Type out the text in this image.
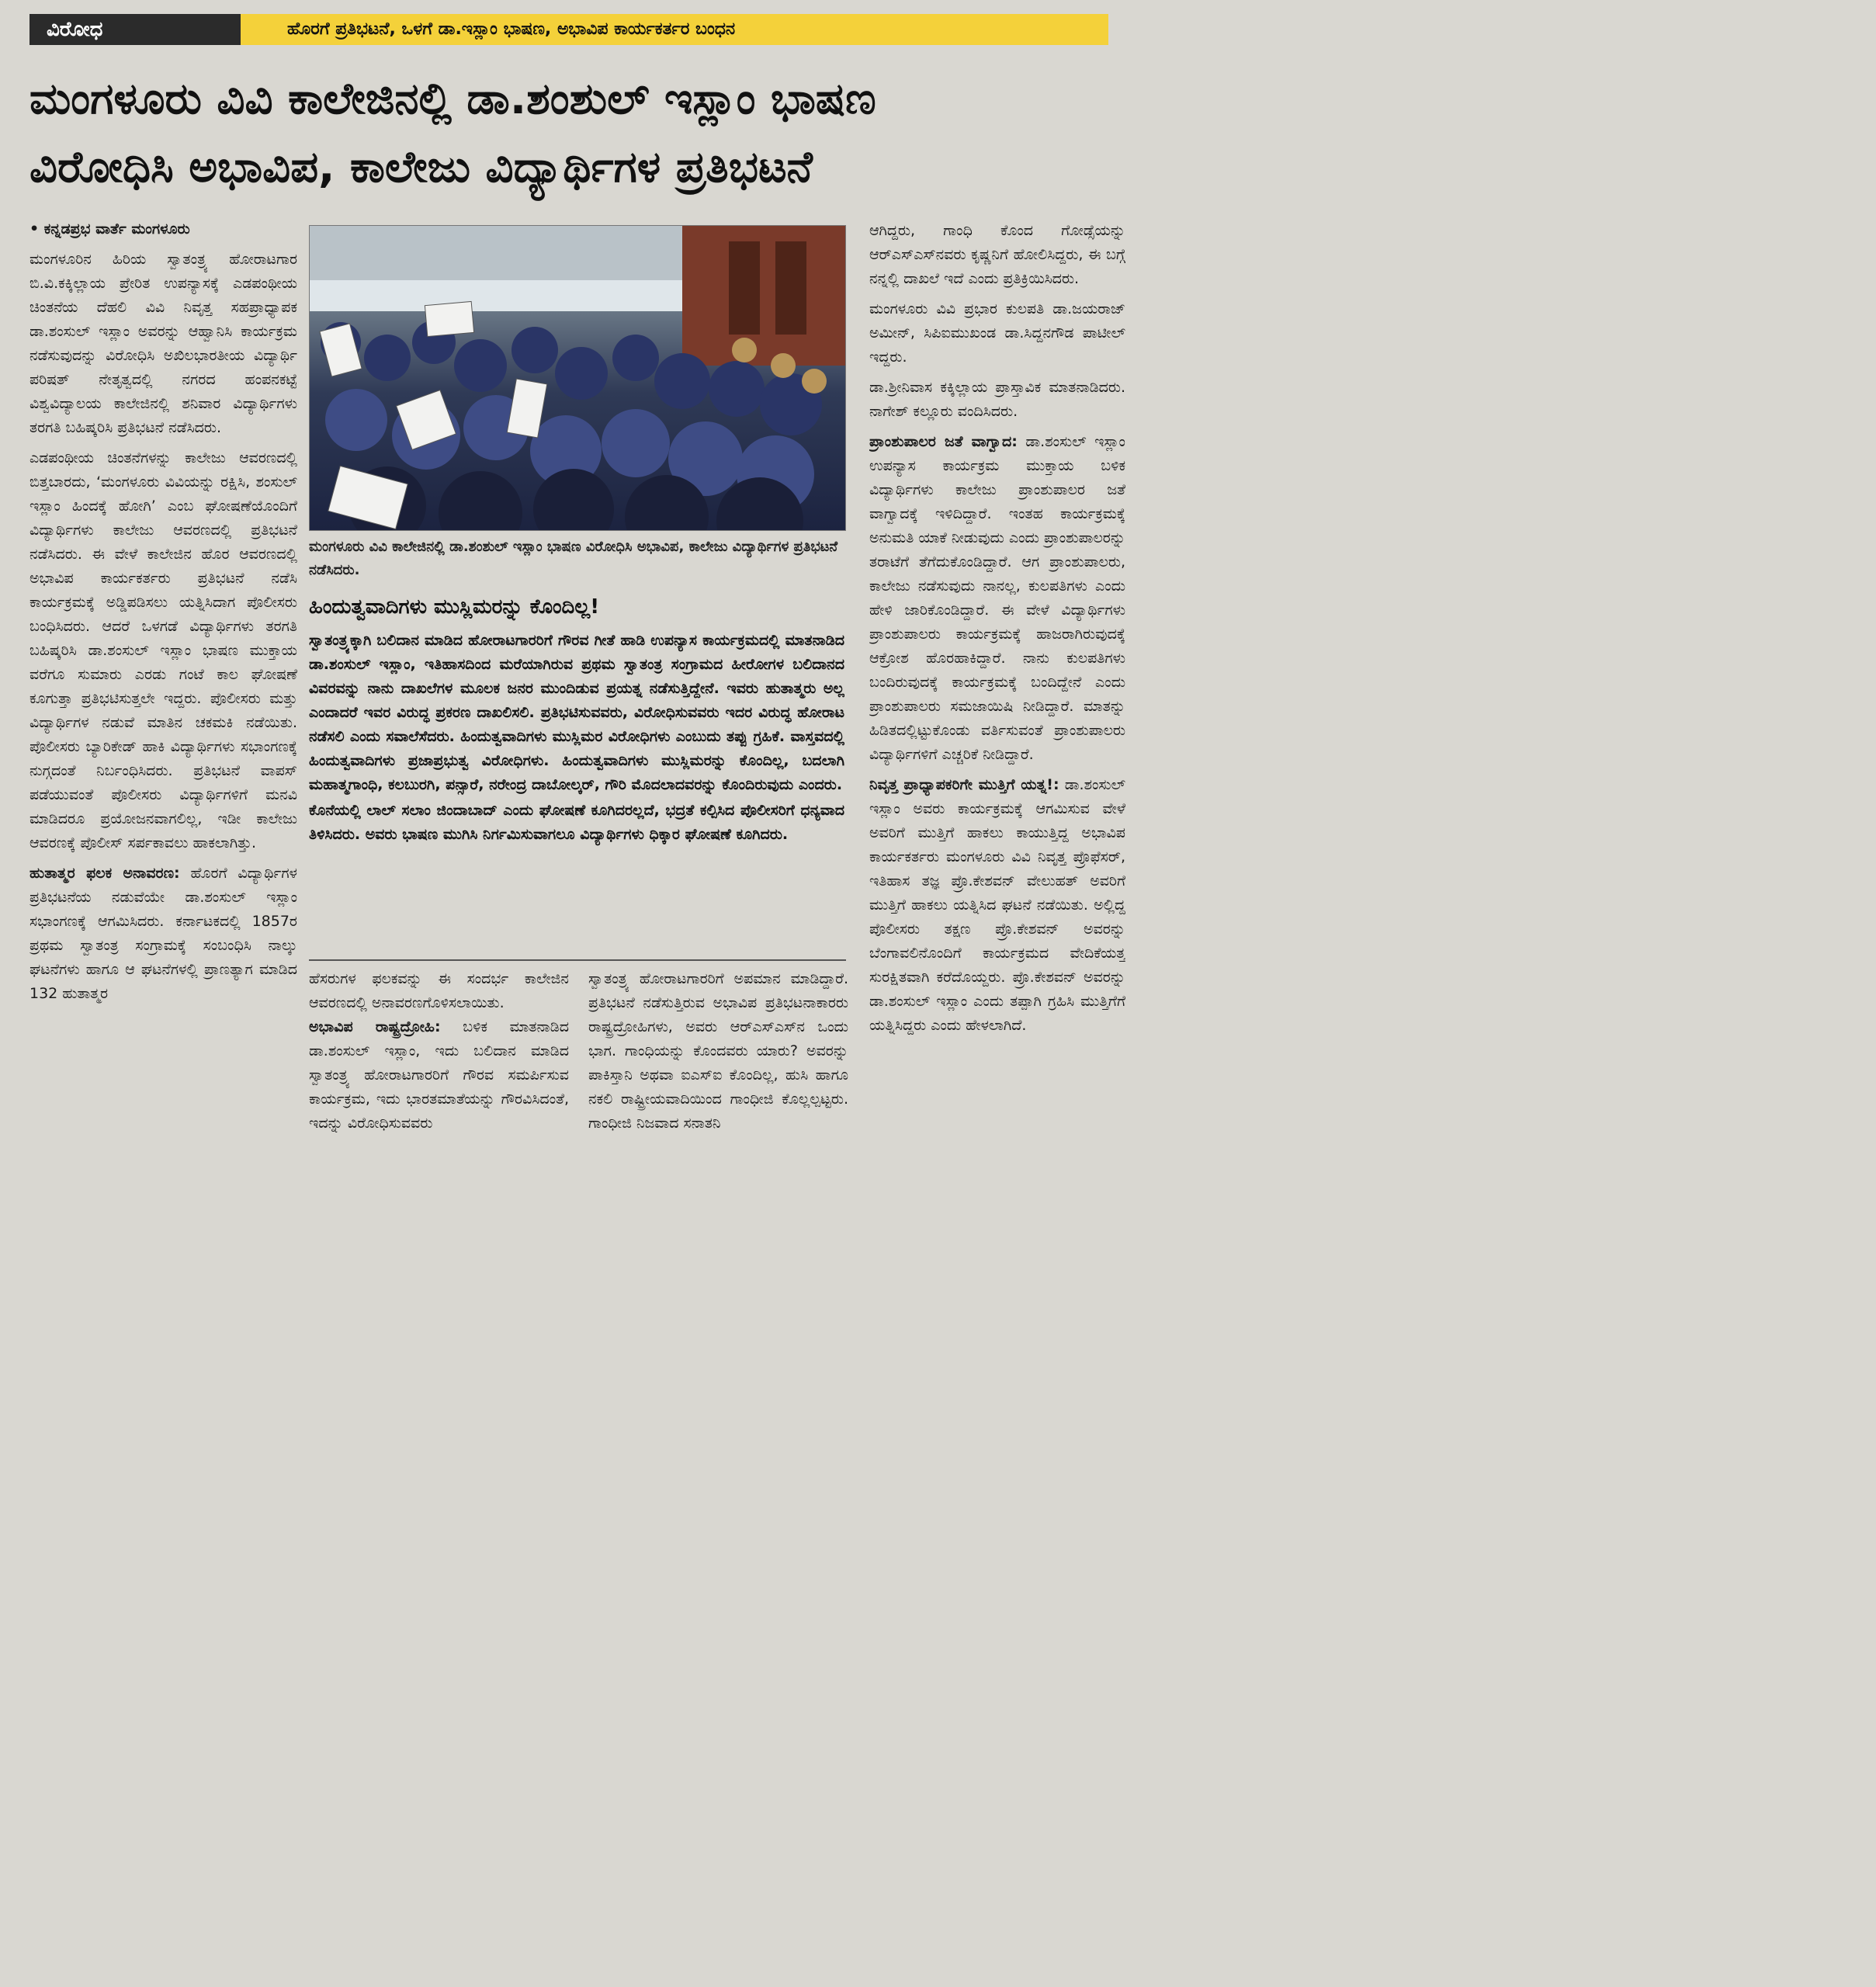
ವಿರೋಧ	ಹೊರಗೆ ಪ್ರತಿಭಟನೆ, ಒಳಗೆ ಡಾ.ಇಸ್ಲಾಂ ಭಾಷಣ, ಅಭಾವಿಪ ಕಾರ್ಯಕರ್ತರ ಬಂಧನ
ಮಂಗಳೂರು ವಿವಿ ಕಾಲೇಜಿನಲ್ಲಿ ಡಾ.ಶಂಶುಲ್ ಇಸ್ಲಾಂ ಭಾಷಣ
ವಿರೋಧಿಸಿ ಅಭಾವಿಪ, ಕಾಲೇಜು ವಿದ್ಯಾರ್ಥಿಗಳ ಪ್ರತಿಭಟನೆ

• ಕನ್ನಡಪ್ರಭ ವಾರ್ತೆ ಮಂಗಳೂರು

ಮಂಗಳೂರಿನ ಹಿರಿಯ ಸ್ವಾತಂತ್ರ್ಯ ಹೋರಾಟಗಾರ ಬಿ.ವಿ.ಕಕ್ಕಿಲ್ಲಾಯ ಪ್ರೇರಿತ ಉಪನ್ಯಾಸಕ್ಕೆ ಎಡಪಂಥೀಯ ಚಿಂತನೆಯ ದೆಹಲಿ ವಿವಿ ನಿವೃತ್ತ ಸಹಪ್ರಾಧ್ಯಾಪಕ ಡಾ.ಶಂಸುಲ್ ಇಸ್ಲಾಂ ಅವರನ್ನು ಆಹ್ವಾನಿಸಿ ಕಾರ್ಯಕ್ರಮ ನಡೆಸುವುದನ್ನು ವಿರೋಧಿಸಿ ಅಖಿಲಭಾರತೀಯ ವಿದ್ಯಾರ್ಥಿ ಪರಿಷತ್ ನೇತೃತ್ವದಲ್ಲಿ ನಗರದ ಹಂಪನಕಟ್ಟೆ ವಿಶ್ವವಿದ್ಯಾಲಯ ಕಾಲೇಜಿನಲ್ಲಿ ಶನಿವಾರ ವಿದ್ಯಾರ್ಥಿಗಳು ತರಗತಿ ಬಹಿಷ್ಕರಿಸಿ ಪ್ರತಿಭಟನೆ ನಡೆಸಿದರು.

ಎಡಪಂಥೀಯ ಚಿಂತನೆಗಳನ್ನು ಕಾಲೇಜು ಆವರಣದಲ್ಲಿ ಬಿತ್ತಬಾರದು, ‘ಮಂಗಳೂರು ವಿವಿಯನ್ನು ರಕ್ಷಿಸಿ, ಶಂಸುಲ್ ಇಸ್ಲಾಂ ಹಿಂದಕ್ಕೆ ಹೋಗಿ’ ಎಂಬ ಘೋಷಣೆಯೊಂದಿಗೆ ವಿದ್ಯಾರ್ಥಿಗಳು ಕಾಲೇಜು ಆವರಣದಲ್ಲಿ ಪ್ರತಿಭಟನೆ ನಡೆಸಿದರು. ಈ ವೇಳೆ ಕಾಲೇಜಿನ ಹೊರ ಆವರಣದಲ್ಲಿ ಅಭಾವಿಪ ಕಾರ್ಯಕರ್ತರು ಪ್ರತಿಭಟನೆ ನಡೆಸಿ ಕಾರ್ಯಕ್ರಮಕ್ಕೆ ಅಡ್ಡಿಪಡಿಸಲು ಯತ್ನಿಸಿದಾಗ ಪೊಲೀಸರು ಬಂಧಿಸಿದರು. ಆದರೆ ಒಳಗಡೆ ವಿದ್ಯಾರ್ಥಿಗಳು ತರಗತಿ ಬಹಿಷ್ಕರಿಸಿ ಡಾ.ಶಂಸುಲ್ ಇಸ್ಲಾಂ ಭಾಷಣ ಮುಕ್ತಾಯ ವರೆಗೂ ಸುಮಾರು ಎರಡು ಗಂಟೆ ಕಾಲ ಘೋಷಣೆ ಕೂಗುತ್ತಾ ಪ್ರತಿಭಟಿಸುತ್ತಲೇ ಇದ್ದರು. ಪೊಲೀಸರು ಮತ್ತು ವಿದ್ಯಾರ್ಥಿಗಳ ನಡುವೆ ಮಾತಿನ ಚಕಮಕಿ ನಡೆಯಿತು. ಪೊಲೀಸರು ಬ್ಯಾರಿಕೇಡ್ ಹಾಕಿ ವಿದ್ಯಾರ್ಥಿಗಳು ಸಭಾಂಗಣಕ್ಕೆ ನುಗ್ಗದಂತೆ ನಿರ್ಬಂಧಿಸಿದರು. ಪ್ರತಿಭಟನೆ ವಾಪಸ್ ಪಡೆಯುವಂತೆ ಪೊಲೀಸರು ವಿದ್ಯಾರ್ಥಿಗಳಿಗೆ ಮನವಿ ಮಾಡಿದರೂ ಪ್ರಯೋಜನವಾಗಲಿಲ್ಲ, ಇಡೀ ಕಾಲೇಜು ಆವರಣಕ್ಕೆ ಪೊಲೀಸ್ ಸರ್ಪಕಾವಲು ಹಾಕಲಾಗಿತ್ತು.

ಹುತಾತ್ಮರ ಫಲಕ ಅನಾವರಣ: ಹೊರಗೆ ವಿದ್ಯಾರ್ಥಿಗಳ ಪ್ರತಿಭಟನೆಯ ನಡುವೆಯೇ ಡಾ.ಶಂಸುಲ್ ಇಸ್ಲಾಂ ಸಭಾಂಗಣಕ್ಕೆ ಆಗಮಿಸಿದರು. ಕರ್ನಾಟಕದಲ್ಲಿ 1857ರ ಪ್ರಥಮ ಸ್ವಾತಂತ್ರ ಸಂಗ್ರಾಮಕ್ಕೆ ಸಂಬಂಧಿಸಿ ನಾಲ್ಕು ಘಟನೆಗಳು ಹಾಗೂ ಆ ಘಟನೆಗಳಲ್ಲಿ ಪ್ರಾಣತ್ಯಾಗ ಮಾಡಿದ 132 ಹುತಾತ್ಮರ

ಮಂಗಳೂರು ವಿವಿ ಕಾಲೇಜಿನಲ್ಲಿ ಡಾ.ಶಂಶುಲ್ ಇಸ್ಲಾಂ ಭಾಷಣ ವಿರೋಧಿಸಿ ಅಭಾವಿಪ, ಕಾಲೇಜು ವಿದ್ಯಾರ್ಥಿಗಳ ಪ್ರತಿಭಟನೆ ನಡೆಸಿದರು.
ಹಿಂದುತ್ವವಾದಿಗಳು ಮುಸ್ಲಿಮರನ್ನು ಕೊಂದಿಲ್ಲ!

ಸ್ವಾತಂತ್ರ್ಯಕ್ಕಾಗಿ ಬಲಿದಾನ ಮಾಡಿದ ಹೋರಾಟಗಾರರಿಗೆ ಗೌರವ ಗೀತೆ ಹಾಡಿ ಉಪನ್ಯಾಸ ಕಾರ್ಯಕ್ರಮದಲ್ಲಿ ಮಾತನಾಡಿದ ಡಾ.ಶಂಸುಲ್ ಇಸ್ಲಾಂ, ಇತಿಹಾಸದಿಂದ ಮರೆಯಾಗಿರುವ ಪ್ರಥಮ ಸ್ವಾತಂತ್ರ ಸಂಗ್ರಾಮದ ಹೀರೋಗಳ ಬಲಿದಾನದ ವಿವರವನ್ನು ನಾನು ದಾಖಲೆಗಳ ಮೂಲಕ ಜನರ ಮುಂದಿಡುವ ಪ್ರಯತ್ನ ನಡೆಸುತ್ತಿದ್ದೇನೆ. ಇವರು ಹುತಾತ್ಮರು ಅಲ್ಲ ಎಂದಾದರೆ ಇವರ ವಿರುದ್ಧ ಪ್ರಕರಣ ದಾಖಲಿಸಲಿ. ಪ್ರತಿಭಟಿಸುವವರು, ವಿರೋಧಿಸುವವರು ಇದರ ವಿರುದ್ಧ ಹೋರಾಟ ನಡೆಸಲಿ ಎಂದು ಸವಾಲೆಸೆದರು. ಹಿಂದುತ್ವವಾದಿಗಳು ಮುಸ್ಲಿಮರ ವಿರೋಧಿಗಳು ಎಂಬುದು ತಪ್ಪು ಗ್ರಹಿಕೆ. ವಾಸ್ತವದಲ್ಲಿ ಹಿಂದುತ್ವವಾದಿಗಳು ಪ್ರಜಾಪ್ರಭುತ್ವ ವಿರೋಧಿಗಳು. ಹಿಂದುತ್ವವಾದಿಗಳು ಮುಸ್ಲಿಮರನ್ನು ಕೊಂದಿಲ್ಲ, ಬದಲಾಗಿ ಮಹಾತ್ಮಗಾಂಧಿ, ಕಲಬುರಗಿ, ಪನ್ಸಾರೆ, ನರೇಂದ್ರ ದಾಬೋಲ್ಕರ್, ಗೌರಿ ಮೊದಲಾದವರನ್ನು ಕೊಂದಿರುವುದು ಎಂದರು.

ಕೊನೆಯಲ್ಲಿ ಲಾಲ್ ಸಲಾಂ ಜಿಂದಾಬಾದ್ ಎಂದು ಘೋಷಣೆ ಕೂಗಿದರಲ್ಲದೆ, ಭದ್ರತೆ ಕಲ್ಪಿಸಿದ ಪೊಲೀಸರಿಗೆ ಧನ್ಯವಾದ ತಿಳಿಸಿದರು. ಅವರು ಭಾಷಣ ಮುಗಿಸಿ ನಿರ್ಗಮಿಸುವಾಗಲೂ ವಿದ್ಯಾರ್ಥಿಗಳು ಧಿಕ್ಕಾರ ಘೋಷಣೆ ಕೂಗಿದರು.

ಹೆಸರುಗಳ ಫಲಕವನ್ನು ಈ ಸಂದರ್ಭ ಕಾಲೇಜಿನ ಆವರಣದಲ್ಲಿ ಅನಾವರಣಗೊಳಿಸಲಾಯಿತು.

ಅಭಾವಿಪ ರಾಷ್ಟ್ರದ್ರೋಹಿ: ಬಳಿಕ ಮಾತನಾಡಿದ ಡಾ.ಶಂಸುಲ್ ಇಸ್ಲಾಂ, ಇದು ಬಲಿದಾನ ಮಾಡಿದ ಸ್ವಾತಂತ್ರ್ಯ ಹೋರಾಟಗಾರರಿಗೆ ಗೌರವ ಸಮರ್ಪಿಸುವ ಕಾರ್ಯಕ್ರಮ, ಇದು ಭಾರತಮಾತೆಯನ್ನು ಗೌರವಿಸಿದಂತೆ, ಇದನ್ನು ವಿರೋಧಿಸುವವರು

ಸ್ವಾತಂತ್ರ್ಯ ಹೋರಾಟಗಾರರಿಗೆ ಅಪಮಾನ ಮಾಡಿದ್ದಾರೆ. ಪ್ರತಿಭಟನೆ ನಡೆಸುತ್ತಿರುವ ಅಭಾವಿಪ ಪ್ರತಿಭಟನಾಕಾರರು ರಾಷ್ಟ್ರದ್ರೋಹಿಗಳು, ಅವರು ಆರ್‌ಎಸ್ಎಸ್‌ನ ಒಂದು ಭಾಗ. ಗಾಂಧಿಯನ್ನು ಕೊಂದವರು ಯಾರು? ಅವರನ್ನು ಪಾಕಿಸ್ತಾನಿ ಅಥವಾ ಐಎಸ್‌ಐ ಕೊಂದಿಲ್ಲ, ಹುಸಿ ಹಾಗೂ ನಕಲಿ ರಾಷ್ಟ್ರೀಯವಾದಿಯಿಂದ ಗಾಂಧೀಜಿ ಕೊಲ್ಲಲ್ಪಟ್ಟರು. ಗಾಂಧೀಜಿ ನಿಜವಾದ ಸನಾತನಿ

ಆಗಿದ್ದರು, ಗಾಂಧಿ ಕೊಂದ ಗೋಡ್ಸೆಯನ್ನು ಆರ್‌ಎಸ್ಎಸ್‌ನವರು ಕೃಷ್ಣನಿಗೆ ಹೋಲಿಸಿದ್ದರು, ಈ ಬಗ್ಗೆ ನನ್ನಲ್ಲಿ ದಾಖಲೆ ಇದೆ ಎಂದು ಪ್ರತಿಕ್ರಿಯಿಸಿದರು.

ಮಂಗಳೂರು ವಿವಿ ಪ್ರಭಾರ ಕುಲಪತಿ ಡಾ.ಜಯರಾಜ್ ಅಮೀನ್, ಸಿಪಿಐಮುಖಂಡ ಡಾ.ಸಿದ್ದನಗೌಡ ಪಾಟೀಲ್ ಇದ್ದರು.

ಡಾ.ಶ್ರೀನಿವಾಸ ಕಕ್ಕಿಲ್ಲಾಯ ಪ್ರಾಸ್ತಾವಿಕ ಮಾತನಾಡಿದರು. ನಾಗೇಶ್ ಕಲ್ಲೂರು ವಂದಿಸಿದರು.

ಪ್ರಾಂಶುಪಾಲರ ಜತೆ ವಾಗ್ವಾದ: ಡಾ.ಶಂಸುಲ್ ಇಸ್ಲಾಂ ಉಪನ್ಯಾಸ ಕಾರ್ಯಕ್ರಮ ಮುಕ್ತಾಯ ಬಳಿಕ ವಿದ್ಯಾರ್ಥಿಗಳು ಕಾಲೇಜು ಪ್ರಾಂಶುಪಾಲರ ಜತೆ ವಾಗ್ವಾದಕ್ಕೆ ಇಳಿದಿದ್ದಾರೆ. ಇಂತಹ ಕಾರ್ಯಕ್ರಮಕ್ಕೆ ಅನುಮತಿ ಯಾಕೆ ನೀಡುವುದು ಎಂದು ಪ್ರಾಂಶುಪಾಲರನ್ನು ತರಾಟೆಗೆ ತೆಗೆದುಕೊಂಡಿದ್ದಾರೆ. ಆಗ ಪ್ರಾಂಶುಪಾಲರು, ಕಾಲೇಜು ನಡೆಸುವುದು ನಾನಲ್ಲ, ಕುಲಪತಿಗಳು ಎಂದು ಹೇಳಿ ಜಾರಿಕೊಂಡಿದ್ದಾರೆ. ಈ ವೇಳೆ ವಿದ್ಯಾರ್ಥಿಗಳು ಪ್ರಾಂಶುಪಾಲರು ಕಾರ್ಯಕ್ರಮಕ್ಕೆ ಹಾಜರಾಗಿರುವುದಕ್ಕೆ ಆಕ್ರೋಶ ಹೊರಹಾಕಿದ್ದಾರೆ. ನಾನು ಕುಲಪತಿಗಳು ಬಂದಿರುವುದಕ್ಕೆ ಕಾರ್ಯಕ್ರಮಕ್ಕೆ ಬಂದಿದ್ದೇನೆ ಎಂದು ಪ್ರಾಂಶುಪಾಲರು ಸಮಜಾಯಿಷಿ ನೀಡಿದ್ದಾರೆ. ಮಾತನ್ನು ಹಿಡಿತದಲ್ಲಿಟ್ಟುಕೊಂಡು ವರ್ತಿಸುವಂತೆ ಪ್ರಾಂಶುಪಾಲರು ವಿದ್ಯಾರ್ಥಿಗಳಿಗೆ ಎಚ್ಚರಿಕೆ ನೀಡಿದ್ದಾರೆ.

ನಿವೃತ್ತ ಪ್ರಾಧ್ಯಾಪಕರಿಗೇ ಮುತ್ತಿಗೆ ಯತ್ನ!: ಡಾ.ಶಂಸುಲ್ ಇಸ್ಲಾಂ ಅವರು ಕಾರ್ಯಕ್ರಮಕ್ಕೆ ಆಗಮಿಸುವ ವೇಳೆ ಅವರಿಗೆ ಮುತ್ತಿಗೆ ಹಾಕಲು ಕಾಯುತ್ತಿದ್ದ ಅಭಾವಿಪ ಕಾರ್ಯಕರ್ತರು ಮಂಗಳೂರು ವಿವಿ ನಿವೃತ್ತ ಪ್ರೊಫೆಸರ್, ಇತಿಹಾಸ ತಜ್ಞ ಪ್ರೊ.ಕೇಶವನ್ ವೇಲುಹತ್ ಅವರಿಗೆ ಮುತ್ತಿಗೆ ಹಾಕಲು ಯತ್ನಿಸಿದ ಘಟನೆ ನಡೆಯಿತು. ಅಲ್ಲಿದ್ದ ಪೊಲೀಸರು ತಕ್ಷಣ ಪ್ರೊ.ಕೇಶವನ್ ಅವರನ್ನು ಬೆಂಗಾವಲಿನೊಂದಿಗೆ ಕಾರ್ಯಕ್ರಮದ ವೇದಿಕೆಯತ್ತ ಸುರಕ್ಷಿತವಾಗಿ ಕರೆದೊಯ್ದರು. ಪ್ರೊ.ಕೇಶವನ್ ಅವರನ್ನು ಡಾ.ಶಂಸುಲ್ ಇಸ್ಲಾಂ ಎಂದು ತಪ್ಪಾಗಿ ಗ್ರಹಿಸಿ ಮುತ್ತಿಗೆಗೆ ಯತ್ನಿಸಿದ್ದರು ಎಂದು ಹೇಳಲಾಗಿದೆ.
